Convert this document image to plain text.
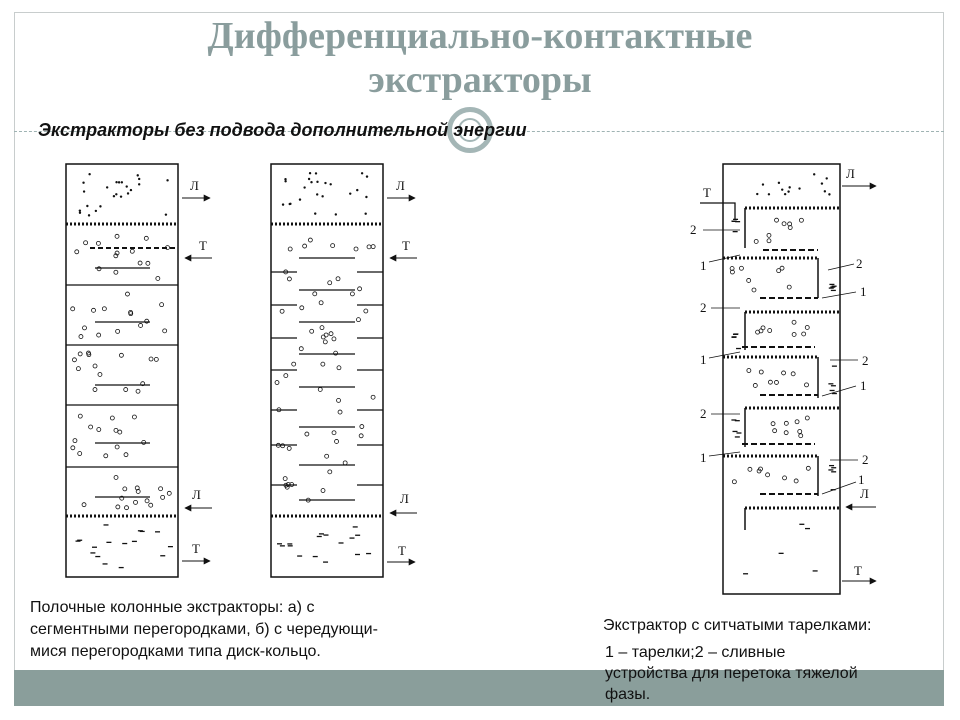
Дифференциально-контактные
экстракторы
Экстракторы без подвода дополнительной энергии
Л
Т
Л
Т
Л
Т
Л
Т
Л
Т
Л
Т
2
1
2
1
2
1
2
1
2
1
2
1
Полочные колонные экстракторы: а) с
сегментными перегородками, б) с чередующи-
мися перегородками типа диск-кольцо.
Экстрактор с ситчатыми тарелками:
1 – тарелки;2 – сливные
устройства для перетока тяжелой
фазы.
